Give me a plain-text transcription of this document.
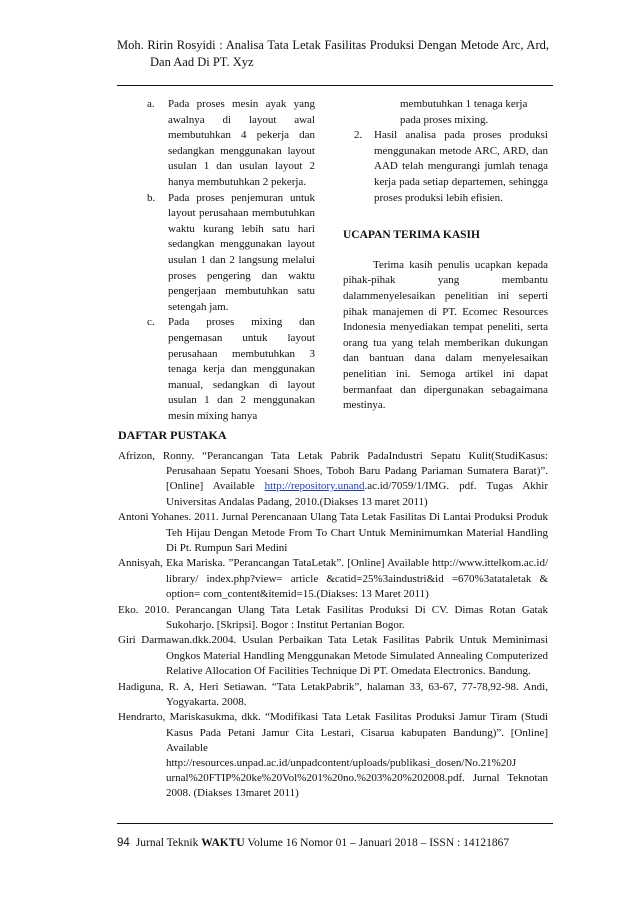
Moh. Ririn Rosyidi : Analisa Tata Letak Fasilitas Produksi Dengan Metode Arc, Ard,
Dan Aad Di PT. Xyz
a. Pada proses mesin ayak yang awalnya di layout awal membutuhkan 4 pekerja dan sedangkan menggunakan layout usulan 1 dan usulan layout 2 hanya membutuhkan 2 pekerja.
b. Pada proses penjemuran untuk layout perusahaan membutuhkan waktu kurang lebih satu hari sedangkan menggunakan layout usulan 1 dan 2 langsung melalui proses pengering dan waktu pengerjaan membutuhkan satu setengah jam.
c. Pada proses mixing dan pengemasan untuk layout perusahaan membutuhkan 3 tenaga kerja dan menggunakan manual, sedangkan di layout usulan 1 dan 2 menggunakan mesin mixing hanya
membutuhkan 1 tenaga kerja pada proses mixing.
2. Hasil analisa pada proses produksi menggunakan metode ARC, ARD, dan AAD telah mengurangi jumlah tenaga kerja pada setiap departemen, sehingga proses produksi lebih efisien.
UCAPAN TERIMA KASIH
Terima kasih penulis ucapkan kepada pihak-pihak yang membantu dalammenyelesaikan penelitian ini seperti pihak manajemen di PT. Ecomec Resources Indonesia menyediakan tempat peneliti, serta orang tua yang telah memberikan dukungan dan bantuan dana dalam menyelesaikan penelitian ini. Semoga artikel ini dapat bermanfaat dan dipergunakan sebagaimana mestinya.
DAFTAR PUSTAKA
Afrizon, Ronny. “Perancangan Tata Letak Pabrik PadaIndustri Sepatu Kulit(StudiKasus: Perusahaan Sepatu Yoesani Shoes, Toboh Baru Padang Pariaman Sumatera Barat)”. [Online] Available http://repository.unand.ac.id/7059/1/IMG. pdf. Tugas Akhir Universitas Andalas Padang, 2010.(Diakses 13 maret 2011)
Antoni Yohanes. 2011. Jurnal Perencanaan Ulang Tata Letak Fasilitas Di Lantai Produksi Produk Teh Hijau Dengan Metode From To Chart Untuk Meminimumkan Material Handling Di Pt. Rumpun Sari Medini
Annisyah, Eka Mariska. ”Perancangan TataLetak”. [Online] Available http://www.ittelkom.ac.id/ library/ index.php?view= article &catid=25%3aindustri&id =670%3atataletak & option= com_content&itemid=15.(Diakses: 13 Maret 2011)
Eko. 2010. Perancangan Ulang Tata Letak Fasilitas Produksi Di CV. Dimas Rotan Gatak Sukoharjo. [Skripsi]. Bogor : Institut Pertanian Bogor.
Giri Darmawan.dkk.2004. Usulan Perbaikan Tata Letak Fasilitas Pabrik Untuk Meminimasi Ongkos Material Handling Menggunakan Metode Simulated Annealing Computerized Relative Allocation Of Facilities Technique Di PT. Omedata Electronics. Bandung.
Hadiguna, R. A, Heri Setiawan. “Tata LetakPabrik”, halaman 33, 63-67, 77-78,92-98. Andi, Yogyakarta. 2008.
Hendrarto, Mariskasukma, dkk. “Modifikasi Tata Letak Fasilitas Produksi Jamur Tiram (Studi Kasus Pada Petani Jamur Cita Lestari, Cisarua kabupaten Bandung)”. [Online] Available http://resources.unpad.ac.id/unpadcontent/uploads/publikasi_dosen/No.21%20J urnal%20FTIP%20ke%20Vol%201%20no.%203%20%202008.pdf. Jurnal Teknotan 2008. (Diakses 13maret 2011)
94 Jurnal Teknik WAKTU Volume 16 Nomor 01 – Januari 2018 – ISSN : 14121867
